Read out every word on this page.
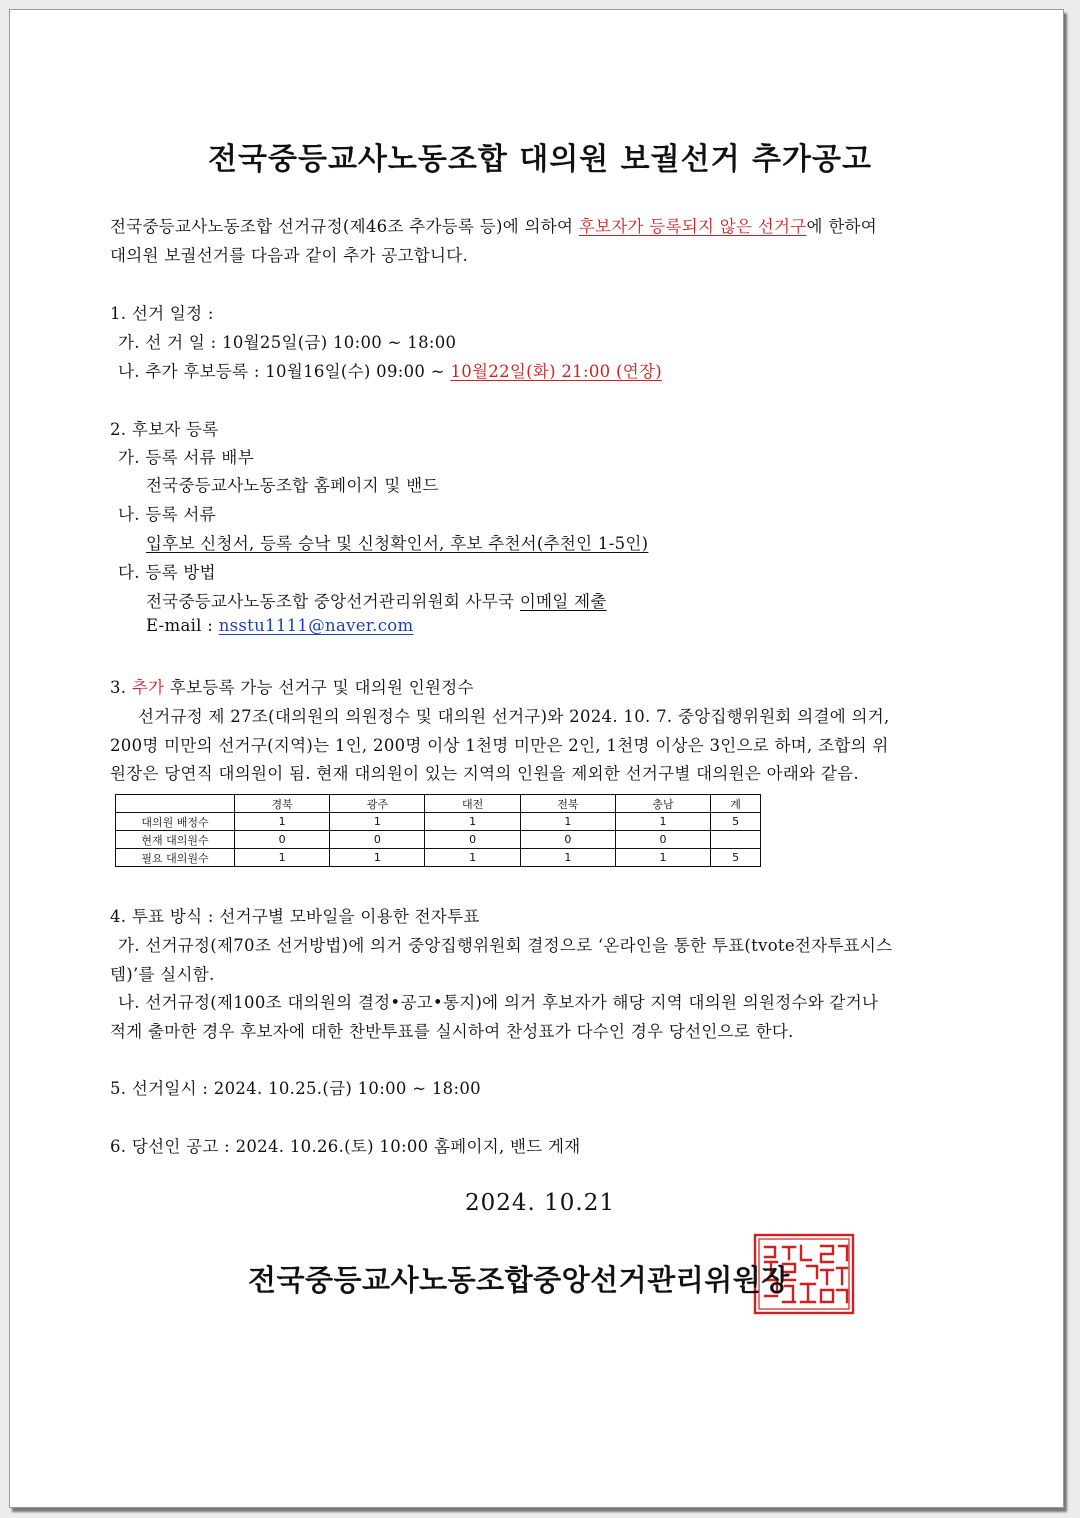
전국중등교사노동조합 대의원 보궐선거 추가공고
전국중등교사노동조합 선거규정(제46조 추가등록 등)에 의하여 후보자가 등록되지 않은 선거구에 한하여
대의원 보궐선거를 다음과 같이 추가 공고합니다.
1. 선거 일정 :
가. 선 거 일 : 10월25일(금) 10:00 ~ 18:00
나. 추가 후보등록 : 10월16일(수) 09:00 ~ 10월22일(화) 21:00 (연장)
2. 후보자 등록
가. 등록 서류 배부
전국중등교사노동조합 홈페이지 및 밴드
나. 등록 서류
입후보 신청서, 등록 승낙 및 신청확인서, 후보 추천서(추천인 1-5인)
다. 등록 방법
전국중등교사노동조합 중앙선거관리위원회 사무국 이메일 제출
E-mail : nsstu1111@naver.com
3. 추가 후보등록 가능 선거구 및 대의원 인원정수
선거규정 제 27조(대의원의 의원정수 및 대의원 선거구)와 2024. 10. 7. 중앙집행위원회 의결에 의거,
200명 미만의 선거구(지역)는 1인, 200명 이상 1천명 미만은 2인, 1천명 이상은 3인으로 하며, 조합의 위
원장은 당연직 대의원이 됨. 현재 대의원이 있는 지역의 인원을 제외한 선거구별 대의원은 아래와 같음.
	경북	광주	대전	전북	충남	계
대의원 배정수	1	1	1	1	1	5
현재 대의원수	0	0	0	0	0	
필요 대의원수	1	1	1	1	1	5
4. 투표 방식 : 선거구별 모바일을 이용한 전자투표
가. 선거규정(제70조 선거방법)에 의거 중앙집행위원회 결정으로 ‘온라인을 통한 투표(tvote전자투표시스
템)’를 실시함.
나. 선거규정(제100조 대의원의 결정•공고•통지)에 의거 후보자가 해당 지역 대의원 의원정수와 같거나
적게 출마한 경우 후보자에 대한 찬반투표를 실시하여 찬성표가 다수인 경우 당선인으로 한다.
5. 선거일시 : 2024. 10.25.(금) 10:00 ~ 18:00
6. 당선인 공고 : 2024. 10.26.(토) 10:00 홈페이지, 밴드 게재
2024. 10.21
전국중등교사노동조합중앙선거관리위원장
